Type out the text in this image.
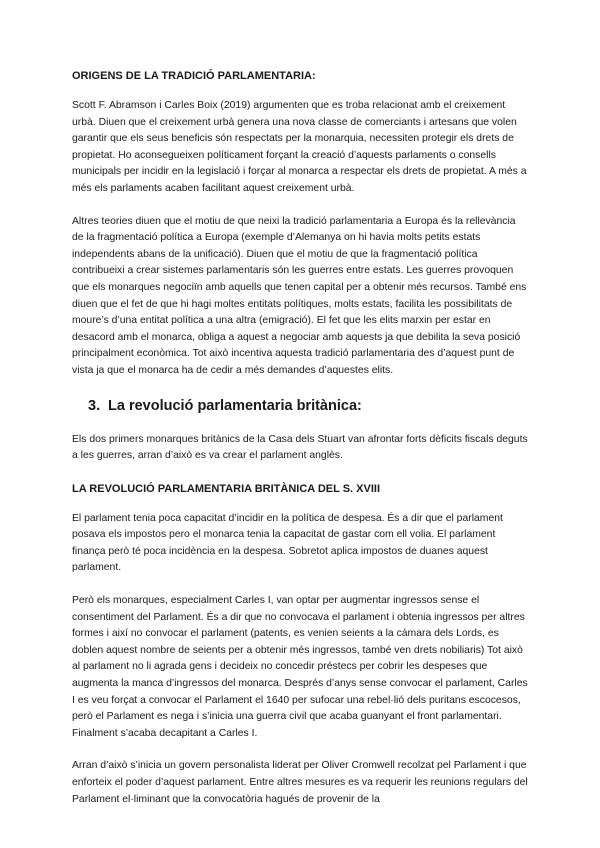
ORIGENS DE LA TRADICIÓ PARLAMENTARIA:

Scott F. Abramson i Carles Boix (2019) argumenten que es troba relacionat amb el creixement urbà. Diuen que el creixement urbà genera una nova classe de comerciants i artesans que volen garantir que els seus beneficis són respectats per la monarquia, necessiten protegir els drets de propietat. Ho aconsegueixen políticament forçant la creació d’aquests parlaments o consells municipals per incidir en la legislació i forçar al monarca a respectar els drets de propietat. A més a més els parlaments acaben facilitant aquest creixement urbà.

Altres teories diuen que el motiu de que neixi la tradició parlamentaria a Europa és la rellevància de la fragmentació política a Europa (exemple d’Alemanya on hi havia molts petits estats independents abans de la unificació). Diuen que el motiu de que la fragmentació política contribueixi a crear sistemes parlamentaris són les guerres entre estats. Les guerres provoquen que els monarques negociïn amb aquells que tenen capital per a obtenir més recursos. També ens diuen que el fet de que hi hagi moltes entitats polítiques, molts estats, facilita les possibilitats de moure’s d’una entitat política a una altra (emigració). El fet que les elits marxin per estar en desacord amb el monarca, obliga a aquest a negociar amb aquests ja que debilita la seva posició principalment econòmica. Tot això incentiva aquesta tradició parlamentaria des d’aquest punt de vista ja que el monarca ha de cedir a més demandes d’aquestes elits.

3. La revolució parlamentaria britànica:

Els dos primers monarques britànics de la Casa dels Stuart van afrontar forts dèficits fiscals deguts a les guerres, arran d’això es va crear el parlament anglès.

LA REVOLUCIÓ PARLAMENTARIA BRITÀNICA DEL S. XVIII

El parlament tenia poca capacitat d’incidir en la política de despesa. És a dir que el parlament posava els impostos pero el monarca tenia la capacitat de gastar com ell volia. El parlament finança però té poca incidència en la despesa. Sobretot aplica impostos de duanes aquest parlament.

Però els monarques, especialment Carles I, van optar per augmentar ingressos sense el consentiment del Parlament. És a dir que no convocava el parlament i obtenia ingressos per altres formes i així no convocar el parlament (patents, es venien seients a la cámara dels Lords, es doblen aquest nombre de seients per a obtenir més ingressos, també ven drets nobiliaris) Tot això al parlament no li agrada gens i decideix no concedir préstecs per cobrir les despeses que augmenta la manca d’ingressos del monarca. Després d’anys sense convocar el parlament, Carles I es veu forçat a convocar el Parlament el 1640 per sufocar una rebel·lió dels puritans escocesos, però el Parlament es nega i s’inicia una guerra civil que acaba guanyant el front parlamentari. Finalment s’acaba decapitant a Carles I.

Arran d’això s’inicia un govern personalista liderat per Oliver Cromwell recolzat pel Parlament i que enforteix el poder d’aquest parlament. Entre altres mesures es va requerir les reunions regulars del Parlament el·liminant que la convocatòria hagués de provenir de la
